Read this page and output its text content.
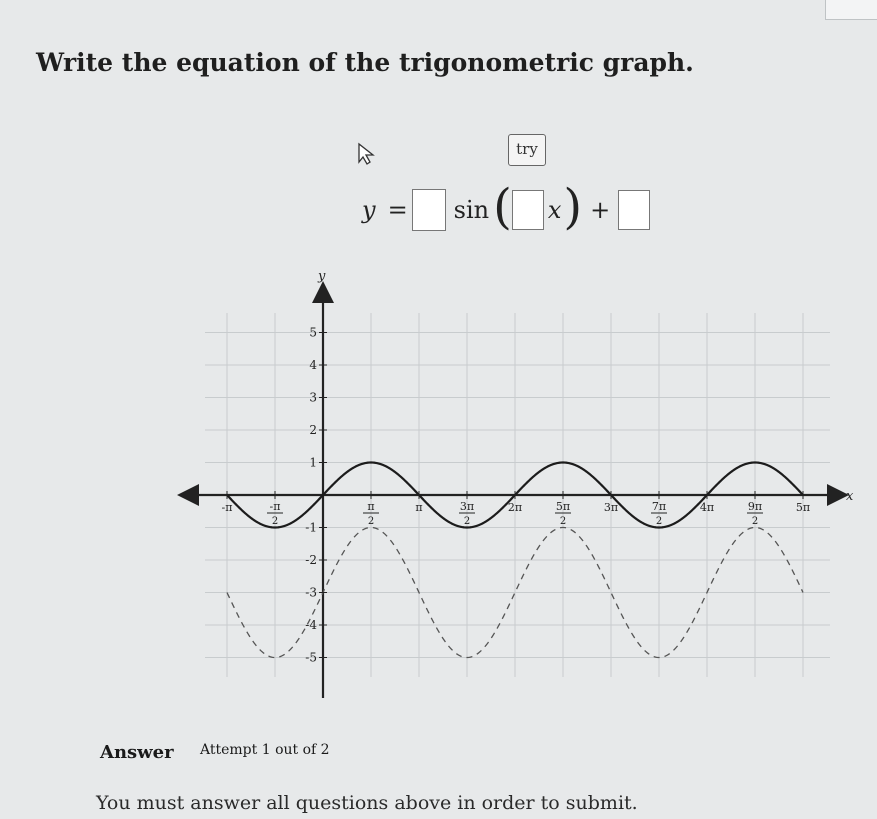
Write the equation of the trigonometric graph.
try
y = sin ( x ) +
x
y
-π	-π
2
π
2
π	3π
2
2π	5π
2
3π	7π
2
4π	9π
2
5π
5
4
3
2
1
-1
-2
-3
-4
-5
Answer Attempt 1 out of 2
You must answer all questions above in order to submit.
